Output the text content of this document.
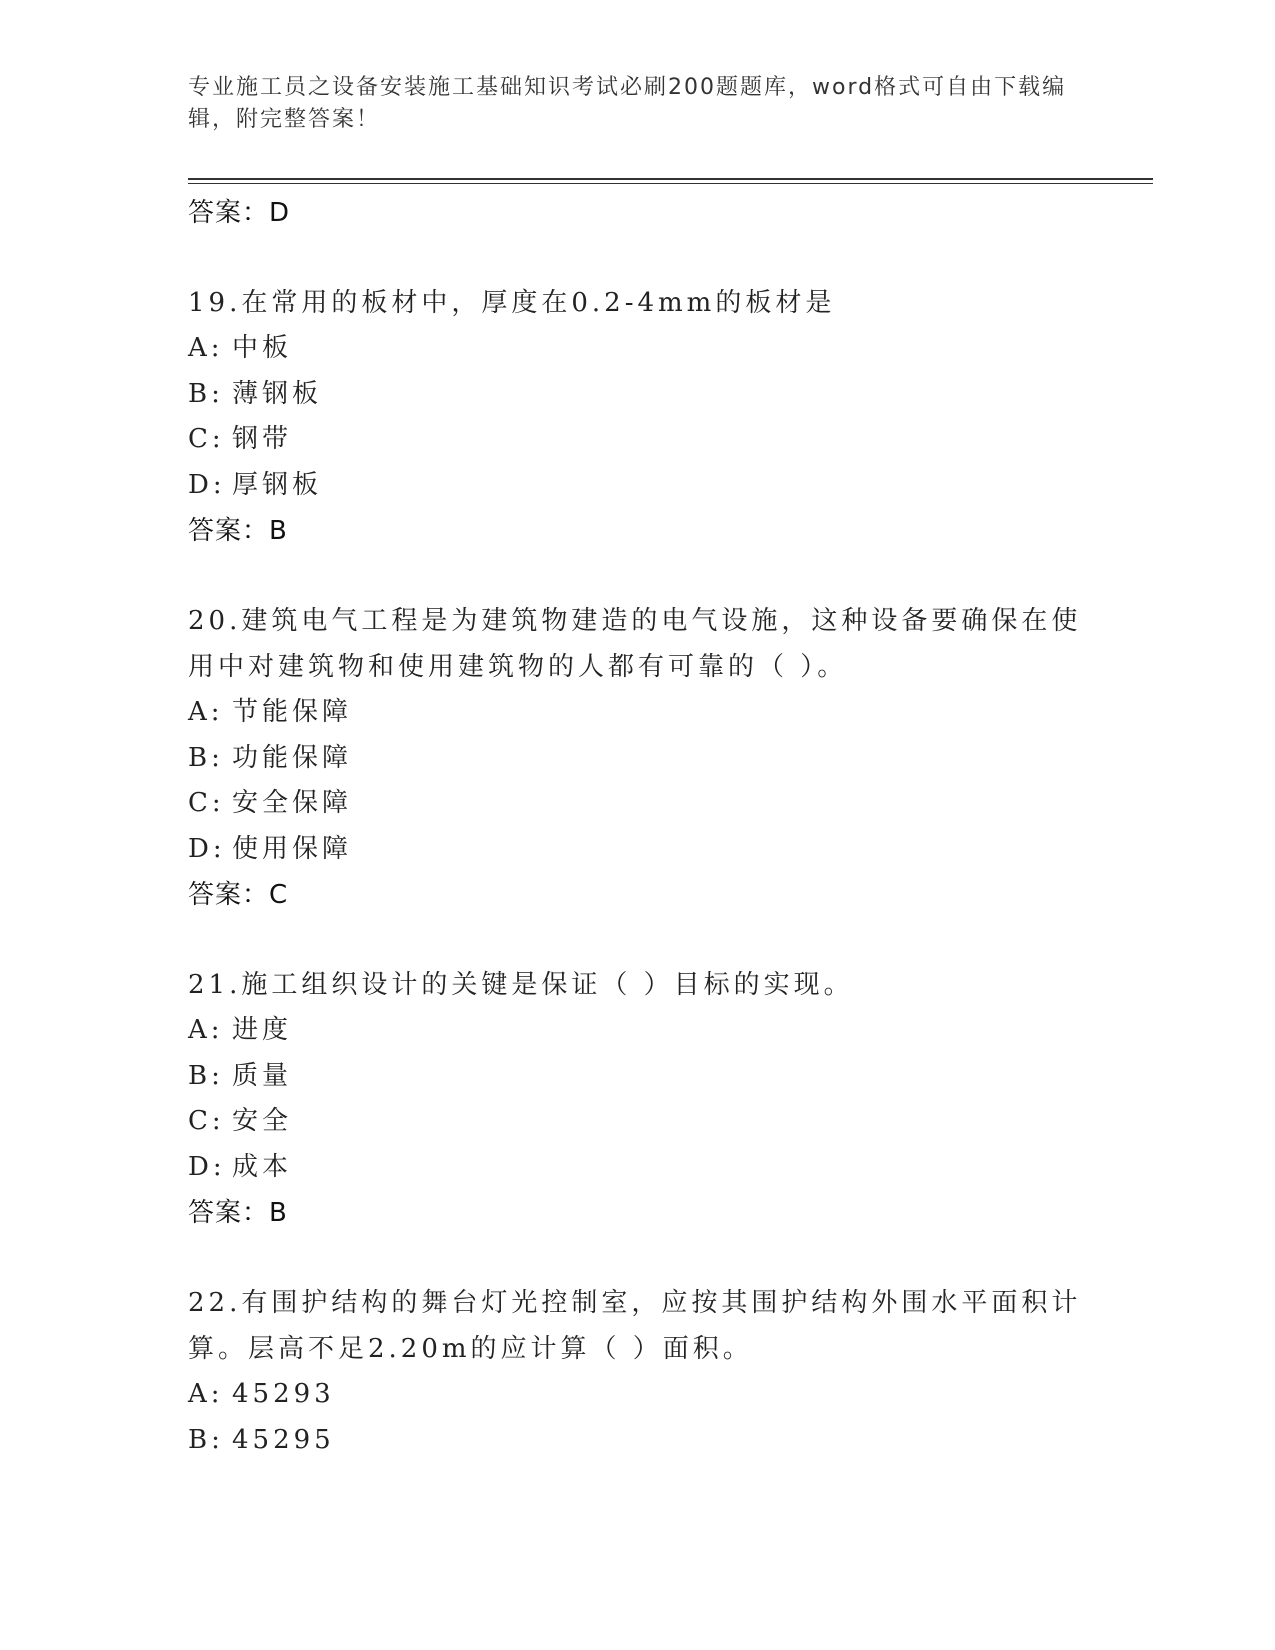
专业施工员之设备安装施工基础知识考试必刷200题题库，word格式可自由下载编辑，附完整答案！
答案：D
19.在常用的板材中，厚度在0.2-4mm的板材是
A: 中板
B: 薄钢板
C: 钢带
D: 厚钢板
答案：B
20.建筑电气工程是为建筑物建造的电气设施，这种设备要确保在使用中对建筑物和使用建筑物的人都有可靠的（ ）。
A: 节能保障
B: 功能保障
C: 安全保障
D: 使用保障
答案：C
21.施工组织设计的关键是保证（ ）目标的实现。
A: 进度
B: 质量
C: 安全
D: 成本
答案：B
22.有围护结构的舞台灯光控制室，应按其围护结构外围水平面积计算。层高不足2.20m的应计算（ ）面积。
A: 45293
B: 45295
